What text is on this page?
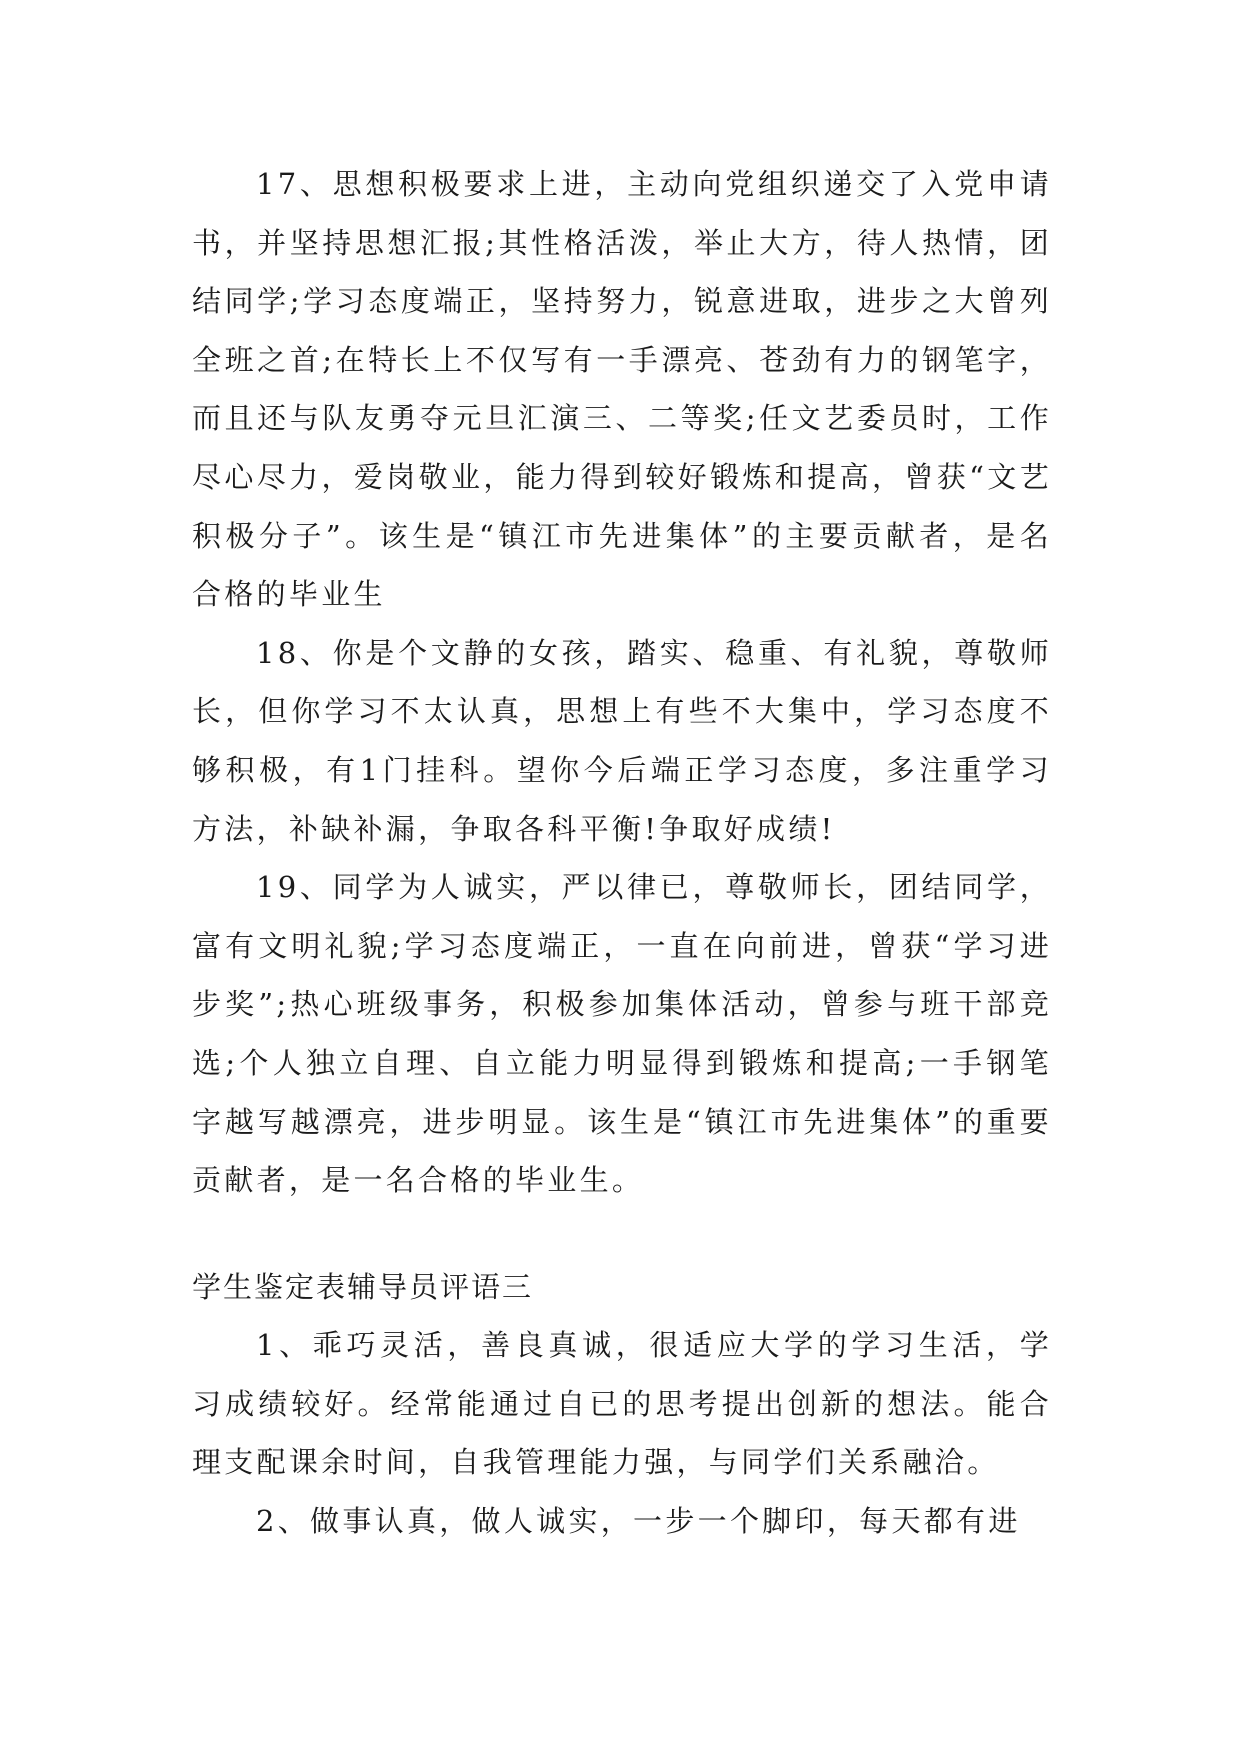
17、思想积极要求上进，主动向党组织递交了入党申请书，并坚持思想汇报;其性格活泼，举止大方，待人热情，团结同学;学习态度端正，坚持努力，锐意进取，进步之大曾列全班之首;在特长上不仅写有一手漂亮、苍劲有力的钢笔字，而且还与队友勇夺元旦汇演三、二等奖;任文艺委员时，工作尽心尽力，爱岗敬业，能力得到较好锻炼和提高，曾获“文艺积极分子”。该生是“镇江市先进集体”的主要贡献者，是名合格的毕业生

18、你是个文静的女孩，踏实、稳重、有礼貌，尊敬师长，但你学习不太认真，思想上有些不大集中，学习态度不够积极，有1门挂科。望你今后端正学习态度，多注重学习方法，补缺补漏，争取各科平衡!争取好成绩!

19、同学为人诚实，严以律已，尊敬师长，团结同学，富有文明礼貌;学习态度端正，一直在向前进，曾获“学习进步奖”;热心班级事务，积极参加集体活动，曾参与班干部竞选;个人独立自理、自立能力明显得到锻炼和提高;一手钢笔字越写越漂亮，进步明显。该生是“镇江市先进集体”的重要贡献者，是一名合格的毕业生。

学生鉴定表辅导员评语三

1、乖巧灵活，善良真诚，很适应大学的学习生活，学习成绩较好。经常能通过自已的思考提出创新的想法。能合理支配课余时间，自我管理能力强，与同学们关系融洽。

2、做事认真，做人诚实，一步一个脚印，每天都有进
